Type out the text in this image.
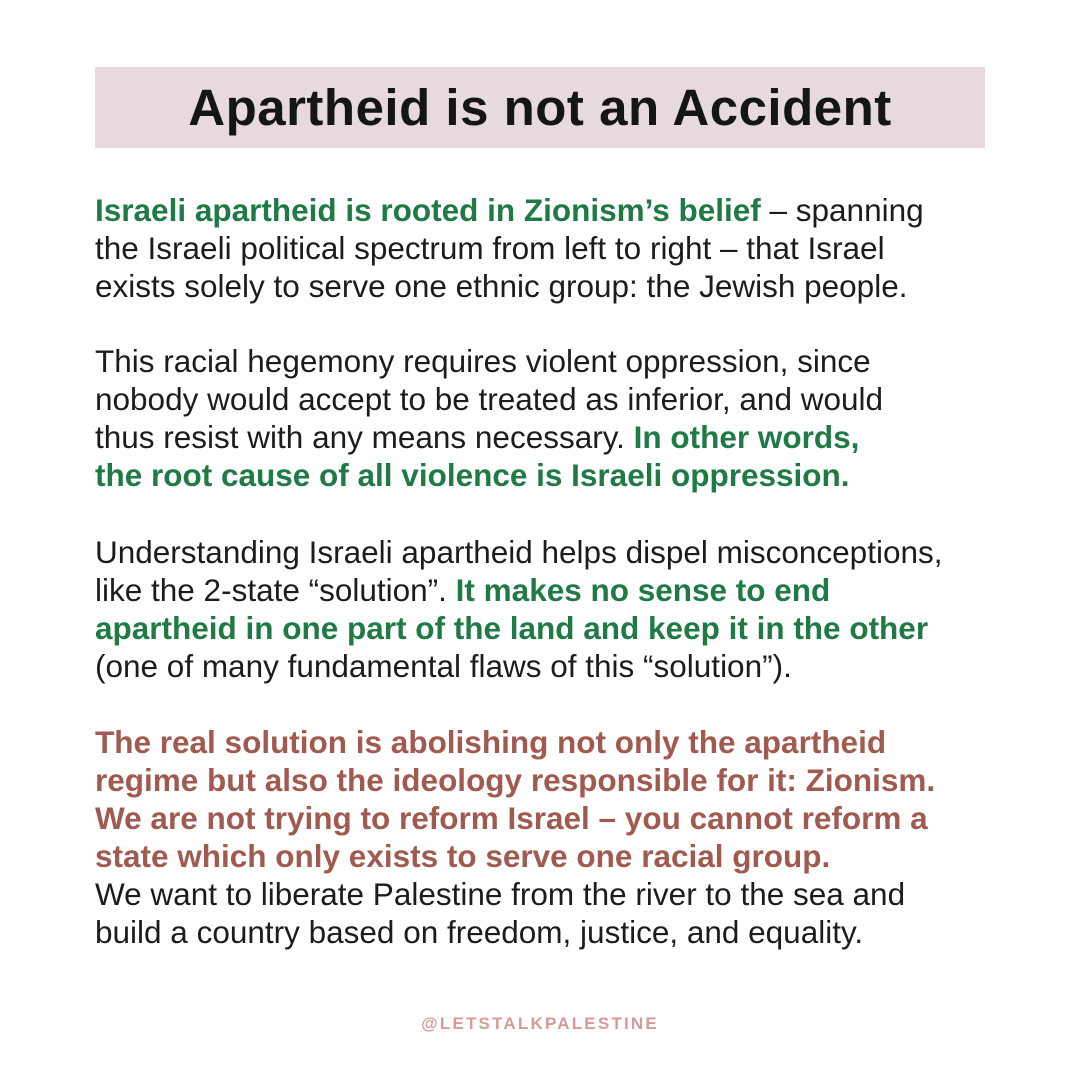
Apartheid is not an Accident

Israeli apartheid is rooted in Zionism’s belief – spanning

the Israeli political spectrum from left to right – that Israel

exists solely to serve one ethnic group: the Jewish people.

This racial hegemony requires violent oppression, since

nobody would accept to be treated as inferior, and would

thus resist with any means necessary. In other words,

the root cause of all violence is Israeli oppression.

Understanding Israeli apartheid helps dispel misconceptions,

like the 2-state “solution”. It makes no sense to end

apartheid in one part of the land and keep it in the other

(one of many fundamental flaws of this “solution”).

The real solution is abolishing not only the apartheid

regime but also the ideology responsible for it: Zionism.

We are not trying to reform Israel – you cannot reform a

state which only exists to serve one racial group.

We want to liberate Palestine from the river to the sea and

build a country based on freedom, justice, and equality.

@LETSTALKPALESTINE
